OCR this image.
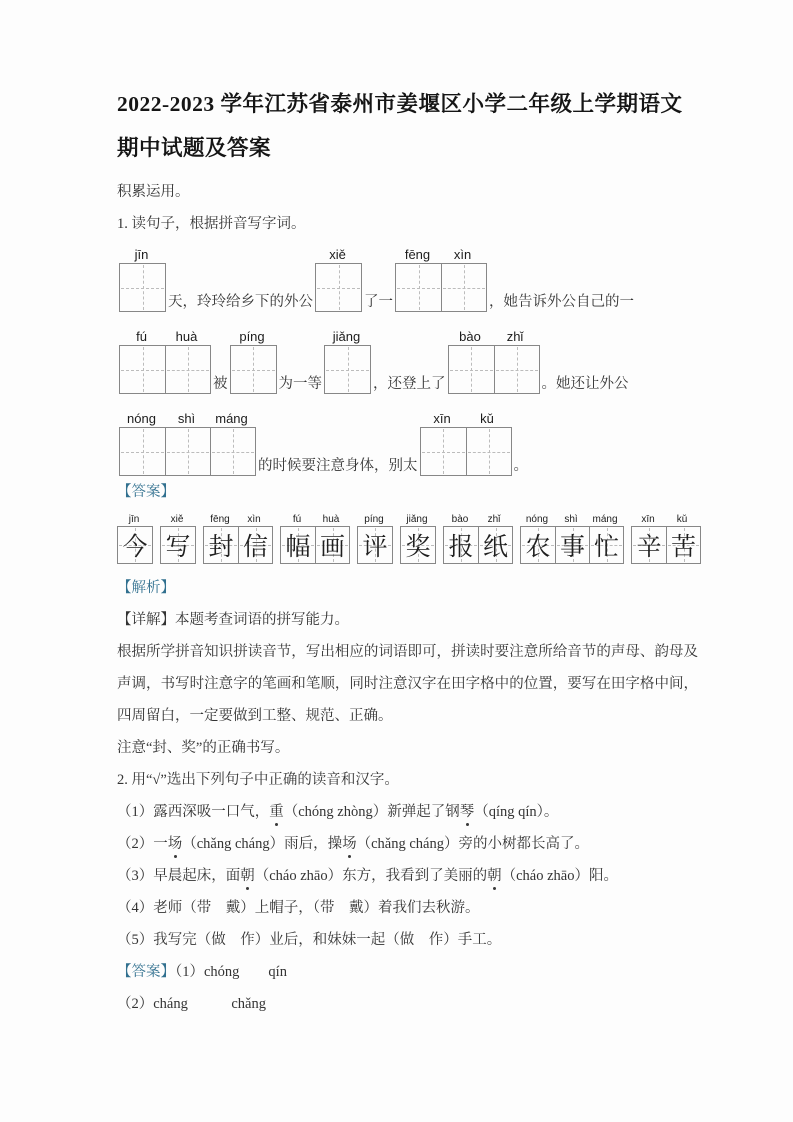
2022-2023 学年江苏省泰州市姜堰区小学二年级上学期语文
期中试题及答案

积累运用。

1. 读句子，根据拼音写字词。

jīn
天，玲玲给乡下的外公
xiě
了一
fēng	xìn
，她告诉外公自己的一
fú	huà
被
píng
为一等
jiǎng
，还登上了
bào	zhǐ
。她还让外公
nóng	shì	máng
的时候要注意身体，别太
xīn	kǔ
。

【答案】

jīn
今
xiě
写
fēng	xìn
封 信
fú	huà
幅 画
píng
评
jiǎng
奖
bào	zhǐ
报 纸
nóng	shì	máng
农 事 忙
xīn	kǔ
辛 苦

【解析】

【详解】本题考查词语的拼写能力。

根据所学拼音知识拼读音节，写出相应的词语即可，拼读时要注意所给音节的声母、韵母及声调，书写时注意字的笔画和笔顺，同时注意汉字在田字格中的位置，要写在田字格中间，四周留白，一定要做到工整、规范、正确。

注意“封、奖”的正确书写。

2. 用“√”选出下列句子中正确的读音和汉字。

（1）露西深吸一口气，重（chóng zhòng）新弹起了钢琴（qíng qín）。

（2）一场（chǎng cháng）雨后，操场（chǎng cháng）旁的小树都长高了。

（3）早晨起床，面朝（cháo zhāo）东方，我看到了美丽的朝（cháo zhāo）阳。

（4）老师（带　戴）上帽子，（带　戴）着我们去秋游。

（5）我写完（做　作）业后，和妹妹一起（做　作）手工。

【答案】（1）chóng　　qín

（2）cháng　　　chǎng
